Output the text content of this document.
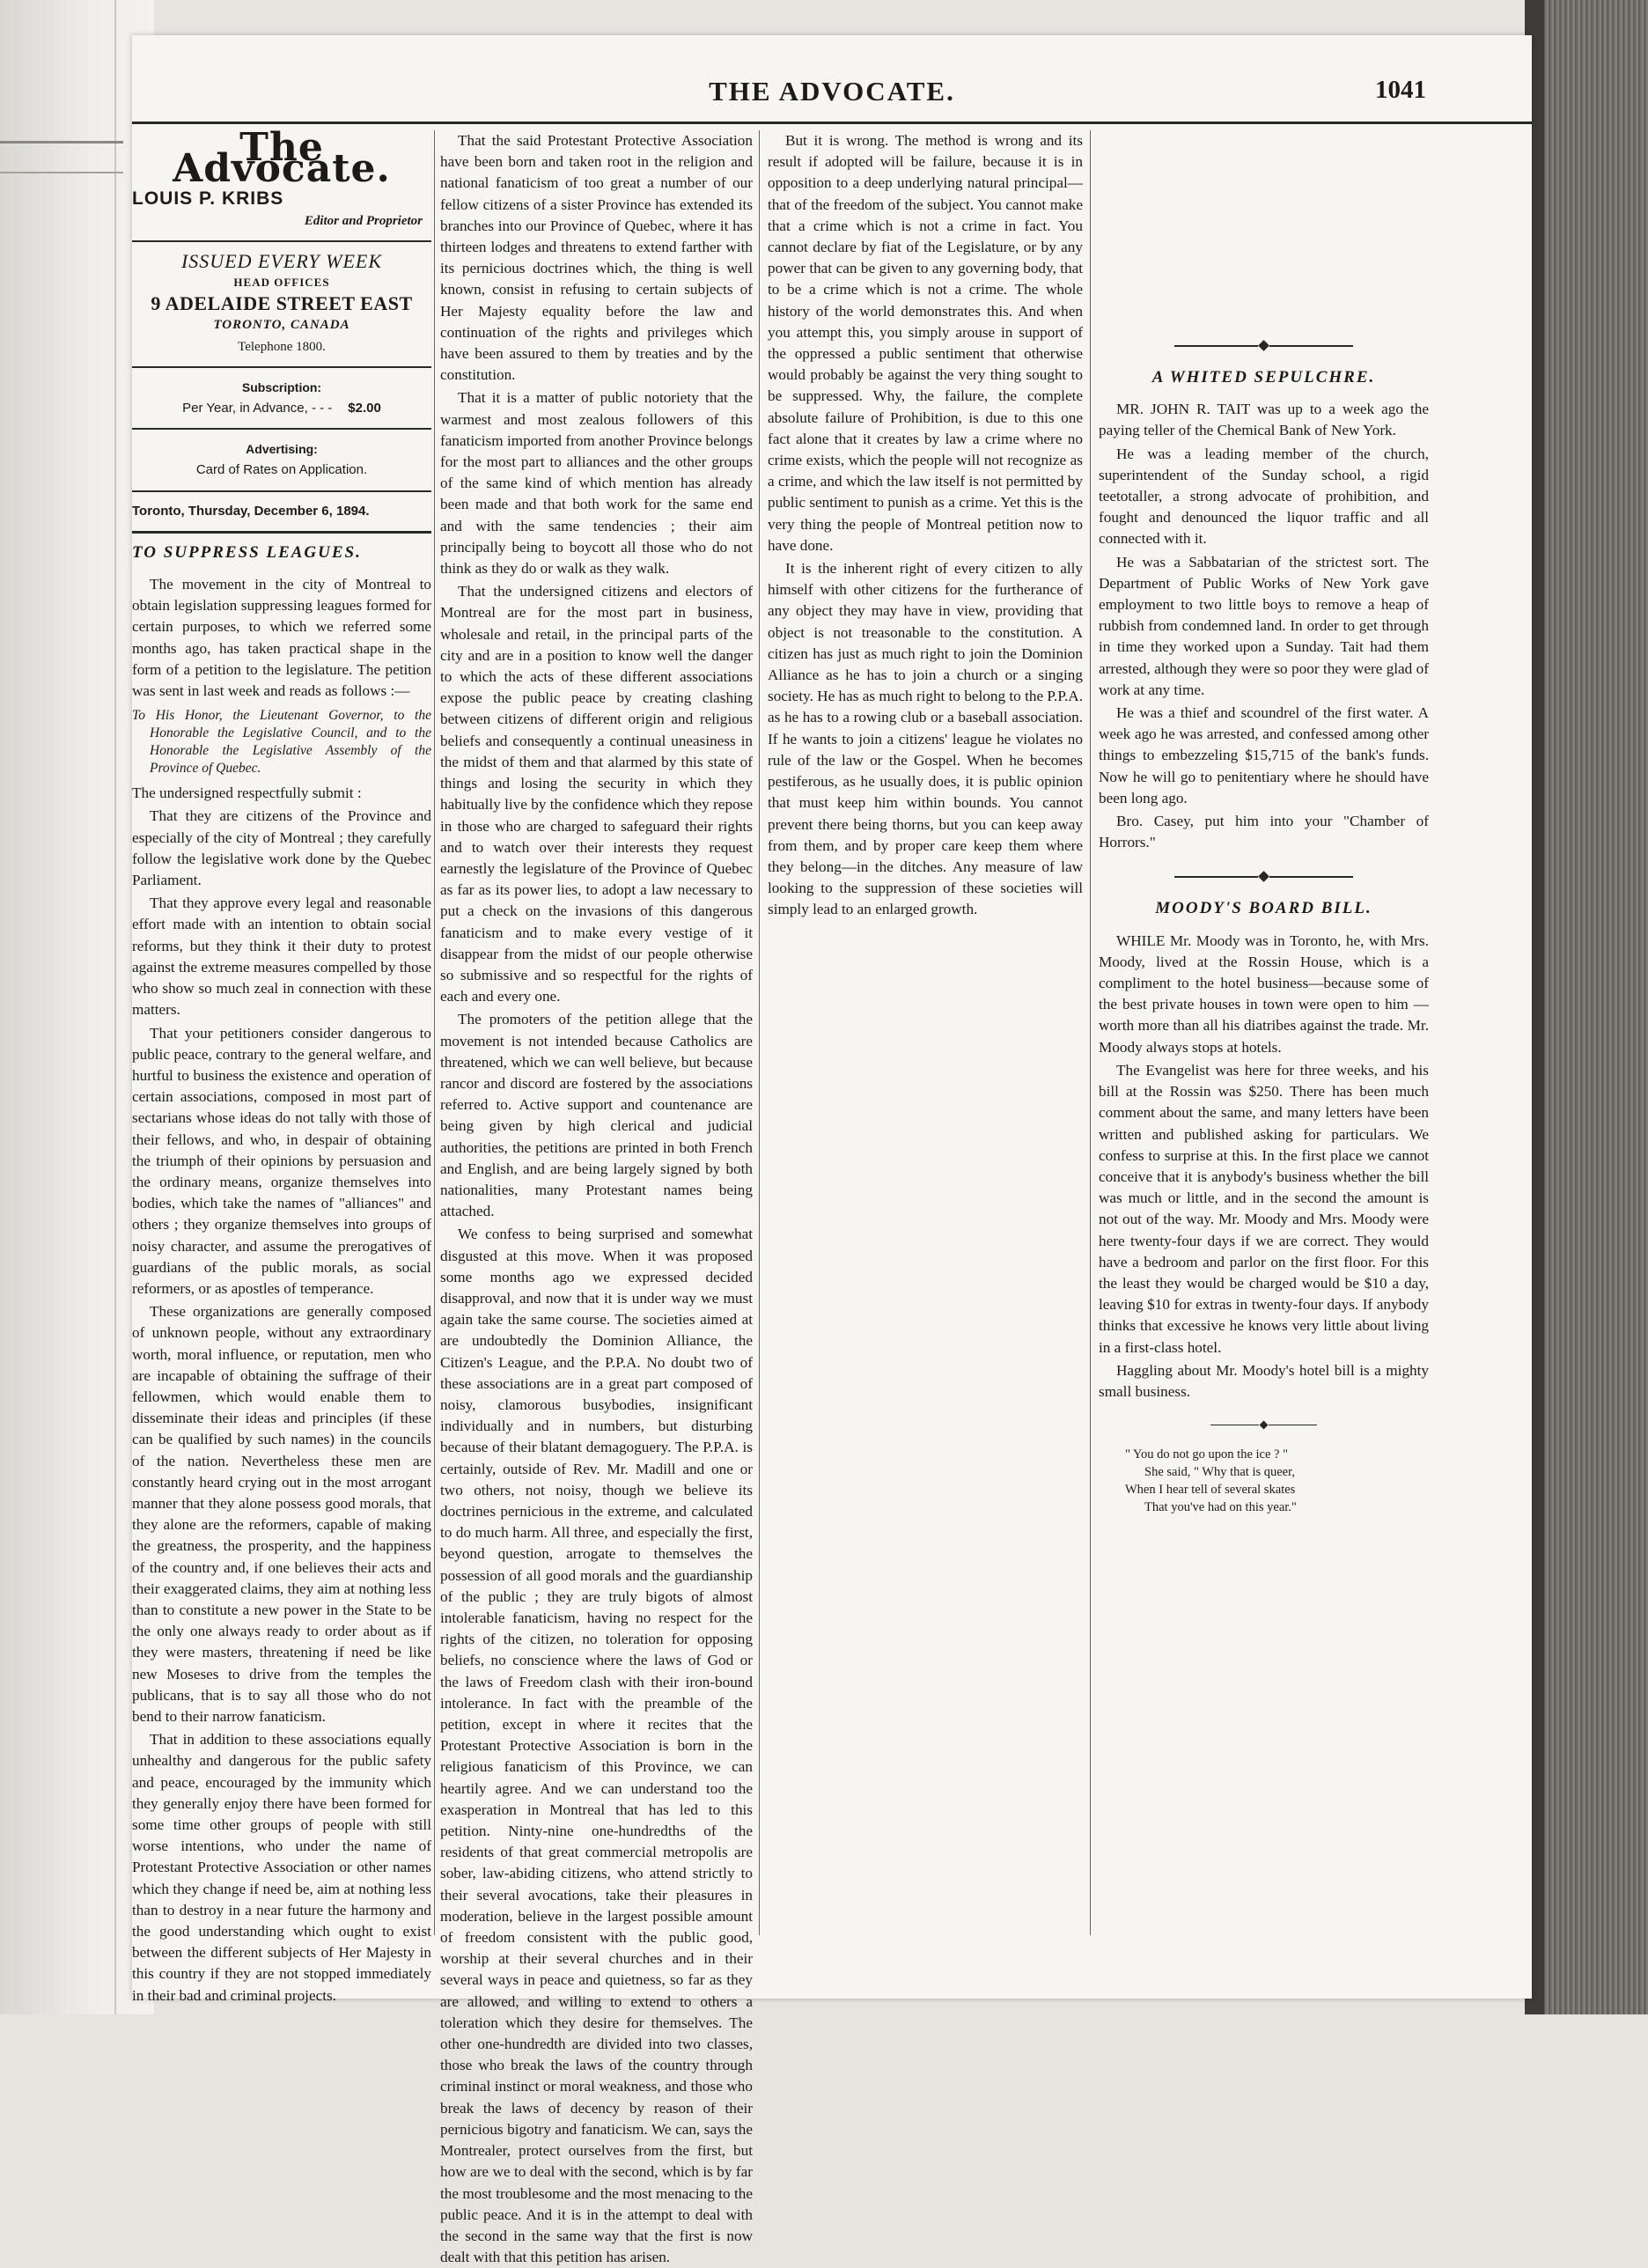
THE ADVOCATE.	1041
The Advocate.
LOUIS P. KRIBS
Editor and Proprietor
ISSUED EVERY WEEK
HEAD OFFICES
9 ADELAIDE STREET EAST
TORONTO, CANADA
Telephone 1800.
Subscription:
Per Year, in Advance, - - - $2.00
Advertising:
Card of Rates on Application.
Toronto, Thursday, December 6, 1894.
TO SUPPRESS LEAGUES.

The movement in the city of Montreal to obtain legislation suppressing leagues formed for certain purposes, to which we referred some months ago, has taken practical shape in the form of a petition to the legislature. The petition was sent in last week and reads as follows :—

To His Honor, the Lieutenant Governor, to the Honorable the Legislative Council, and to the Honorable the Legislative Assembly of the Province of Quebec.

The undersigned respectfully submit :

That they are citizens of the Province and especially of the city of Montreal ; they carefully follow the legislative work done by the Quebec Parliament.

That they approve every legal and reasonable effort made with an intention to obtain social reforms, but they think it their duty to protest against the extreme measures compelled by those who show so much zeal in connection with these matters.

That your petitioners consider dangerous to public peace, contrary to the general welfare, and hurtful to business the existence and operation of certain associations, composed in most part of sectarians whose ideas do not tally with those of their fellows, and who, in despair of obtaining the triumph of their opinions by persuasion and the ordinary means, organize themselves into bodies, which take the names of "alliances" and others ; they organize themselves into groups of noisy character, and assume the prerogatives of guardians of the public morals, as social reformers, or as apostles of temperance.

These organizations are generally composed of unknown people, without any extraordinary worth, moral influence, or reputation, men who are incapable of obtaining the suffrage of their fellowmen, which would enable them to disseminate their ideas and principles (if these can be qualified by such names) in the councils of the nation. Nevertheless these men are constantly heard crying out in the most arrogant manner that they alone possess good morals, that they alone are the reformers, capable of making the greatness, the prosperity, and the happiness of the country and, if one believes their acts and their exaggerated claims, they aim at nothing less than to constitute a new power in the State to be the only one always ready to order about as if they were masters, threatening if need be like new Moseses to drive from the temples the publicans, that is to say all those who do not bend to their narrow fanaticism.

That in addition to these associations equally unhealthy and dangerous for the public safety and peace, encouraged by the immunity which they generally enjoy there have been formed for some time other groups of people with still worse intentions, who under the name of Protestant Protective Association or other names which they change if need be, aim at nothing less than to destroy in a near future the harmony and the good understanding which ought to exist between the different subjects of Her Majesty in this country if they are not stopped immediately in their bad and criminal projects.

That the said Protestant Protective Association have been born and taken root in the religion and national fanaticism of too great a number of our fellow citizens of a sister Province has extended its branches into our Province of Quebec, where it has thirteen lodges and threatens to extend farther with its pernicious doctrines which, the thing is well known, consist in refusing to certain subjects of Her Majesty equality before the law and continuation of the rights and privileges which have been assured to them by treaties and by the constitution.

That it is a matter of public notoriety that the warmest and most zealous followers of this fanaticism imported from another Province belongs for the most part to alliances and the other groups of the same kind of which mention has already been made and that both work for the same end and with the same tendencies ; their aim principally being to boycott all those who do not think as they do or walk as they walk.

That the undersigned citizens and electors of Montreal are for the most part in business, wholesale and retail, in the principal parts of the city and are in a position to know well the danger to which the acts of these different associations expose the public peace by creating clashing between citizens of different origin and religious beliefs and consequently a continual uneasiness in the midst of them and that alarmed by this state of things and losing the security in which they habitually live by the confidence which they repose in those who are charged to safeguard their rights and to watch over their interests they request earnestly the legislature of the Province of Quebec as far as its power lies, to adopt a law necessary to put a check on the invasions of this dangerous fanaticism and to make every vestige of it disappear from the midst of our people otherwise so submissive and so respectful for the rights of each and every one.

The promoters of the petition allege that the movement is not intended because Catholics are threatened, which we can well believe, but because rancor and discord are fostered by the associations referred to. Active support and countenance are being given by high clerical and judicial authorities, the petitions are printed in both French and English, and are being largely signed by both nationalities, many Protestant names being attached.

We confess to being surprised and somewhat disgusted at this move. When it was proposed some months ago we expressed decided disapproval, and now that it is under way we must again take the same course. The societies aimed at are undoubtedly the Dominion Alliance, the Citizen's League, and the P.P.A. No doubt two of these associations are in a great part composed of noisy, clamorous busybodies, insignificant individually and in numbers, but disturbing because of their blatant demagoguery. The P.P.A. is certainly, outside of Rev. Mr. Madill and one or two others, not noisy, though we believe its doctrines pernicious in the extreme, and calculated to do much harm. All three, and especially the first, beyond question, arrogate to themselves the possession of all good morals and the guardianship of the public ; they are truly bigots of almost intolerable fanaticism, having no respect for the rights of the citizen, no toleration for opposing beliefs, no conscience where the laws of God or the laws of Freedom clash with their iron-bound intolerance. In fact with the preamble of the petition, except in where it recites that the Protestant Protective Association is born in the religious fanaticism of this Province, we can heartily agree. And we can understand too the exasperation in Montreal that has led to this petition. Ninty-nine one-hundredths of the residents of that great commercial metropolis are sober, law-abiding citizens, who attend strictly to their several avocations, take their pleasures in moderation, believe in the largest possible amount of freedom consistent with the public good, worship at their several churches and in their several ways in peace and quietness, so far as they are allowed, and willing to extend to others a toleration which they desire for themselves. The other one-hundredth are divided into two classes, those who break the laws of the country through criminal instinct or moral weakness, and those who break the laws of decency by reason of their pernicious bigotry and fanaticism. We can, says the Montrealer, protect ourselves from the first, but how are we to deal with the second, which is by far the most troublesome and the most menacing to the public peace. And it is in the attempt to deal with the second in the same way that the first is now dealt with that this petition has arisen.

But it is wrong. The method is wrong and its result if adopted will be failure, because it is in opposition to a deep underlying natural principal—that of the freedom of the subject. You cannot make that a crime which is not a crime in fact. You cannot declare by fiat of the Legislature, or by any power that can be given to any governing body, that to be a crime which is not a crime. The whole history of the world demonstrates this. And when you attempt this, you simply arouse in support of the oppressed a public sentiment that otherwise would probably be against the very thing sought to be suppressed. Why, the failure, the complete absolute failure of Prohibition, is due to this one fact alone that it creates by law a crime where no crime exists, which the people will not recognize as a crime, and which the law itself is not permitted by public sentiment to punish as a crime. Yet this is the very thing the people of Montreal petition now to have done.

It is the inherent right of every citizen to ally himself with other citizens for the furtherance of any object they may have in view, providing that object is not treasonable to the constitution. A citizen has just as much right to join the Dominion Alliance as he has to join a church or a singing society. He has as much right to belong to the P.P.A. as he has to a rowing club or a baseball association. If he wants to join a citizens' league he violates no rule of the law or the Gospel. When he becomes pestiferous, as he usually does, it is public opinion that must keep him within bounds. You cannot prevent there being thorns, but you can keep away from them, and by proper care keep them where they belong—in the ditches. Any measure of law looking to the suppression of these societies will simply lead to an enlarged growth.

A WHITED SEPULCHRE.

MR. JOHN R. TAIT was up to a week ago the paying teller of the Chemical Bank of New York.

He was a leading member of the church, superintendent of the Sunday school, a rigid teetotaller, a strong advocate of prohibition, and fought and denounced the liquor traffic and all connected with it.

He was a Sabbatarian of the strictest sort. The Department of Public Works of New York gave employment to two little boys to remove a heap of rubbish from condemned land. In order to get through in time they worked upon a Sunday. Tait had them arrested, although they were so poor they were glad of work at any time.

He was a thief and scoundrel of the first water. A week ago he was arrested, and confessed among other things to embezzeling $15,715 of the bank's funds. Now he will go to penitentiary where he should have been long ago.

Bro. Casey, put him into your "Chamber of Horrors."

MOODY'S BOARD BILL.

WHILE Mr. Moody was in Toronto, he, with Mrs. Moody, lived at the Rossin House, which is a compliment to the hotel business—because some of the best private houses in town were open to him —worth more than all his diatribes against the trade. Mr. Moody always stops at hotels.

The Evangelist was here for three weeks, and his bill at the Rossin was $250. There has been much comment about the same, and many letters have been written and published asking for particulars. We confess to surprise at this. In the first place we cannot conceive that it is anybody's business whether the bill was much or little, and in the second the amount is not out of the way. Mr. Moody and Mrs. Moody were here twenty-four days if we are correct. They would have a bedroom and parlor on the first floor. For this the least they would be charged would be $10 a day, leaving $10 for extras in twenty-four days. If anybody thinks that excessive he knows very little about living in a first-class hotel.

Haggling about Mr. Moody's hotel bill is a mighty small business.

" You do not go upon the ice ? "
She said, " Why that is queer,
When I hear tell of several skates
That you've had on this year."
